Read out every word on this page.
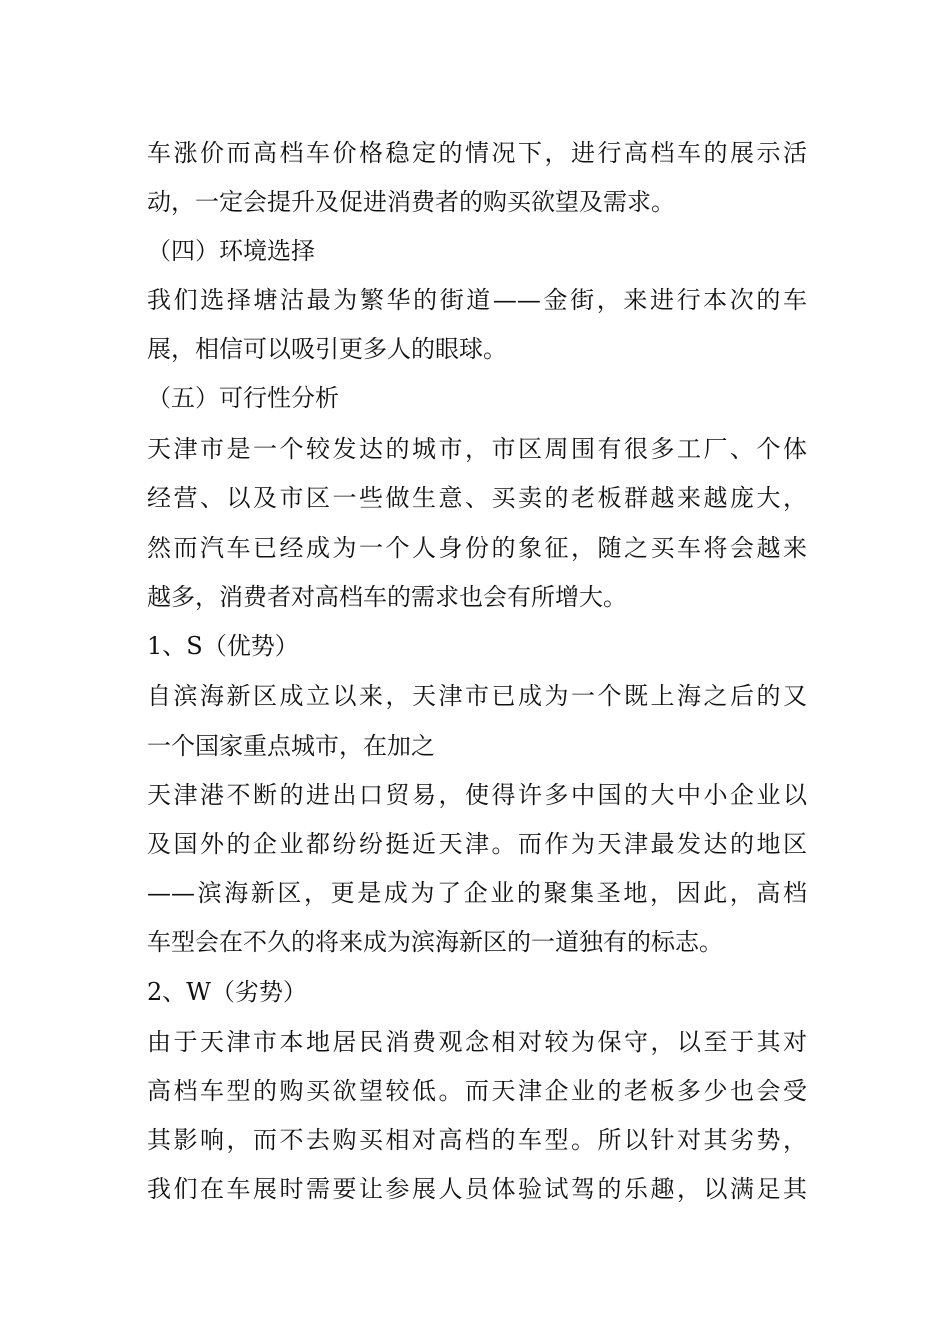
车涨价而高档车价格稳定的情况下，进行高档车的展示活
动，一定会提升及促进消费者的购买欲望及需求。
（四）环境选择
我们选择塘沽最为繁华的街道——金街，来进行本次的车
展，相信可以吸引更多人的眼球。
（五）可行性分析
天津市是一个较发达的城市，市区周围有很多工厂、个体
经营、以及市区一些做生意、买卖的老板群越来越庞大，
然而汽车已经成为一个人身份的象征，随之买车将会越来
越多，消费者对高档车的需求也会有所增大。
1、S（优势）
自滨海新区成立以来，天津市已成为一个既上海之后的又
一个国家重点城市，在加之
天津港不断的进出口贸易，使得许多中国的大中小企业以
及国外的企业都纷纷挺近天津。而作为天津最发达的地区
——滨海新区，更是成为了企业的聚集圣地，因此，高档
车型会在不久的将来成为滨海新区的一道独有的标志。
2、W（劣势）
由于天津市本地居民消费观念相对较为保守，以至于其对
高档车型的购买欲望较低。而天津企业的老板多少也会受
其影响，而不去购买相对高档的车型。所以针对其劣势，
我们在车展时需要让参展人员体验试驾的乐趣，以满足其
